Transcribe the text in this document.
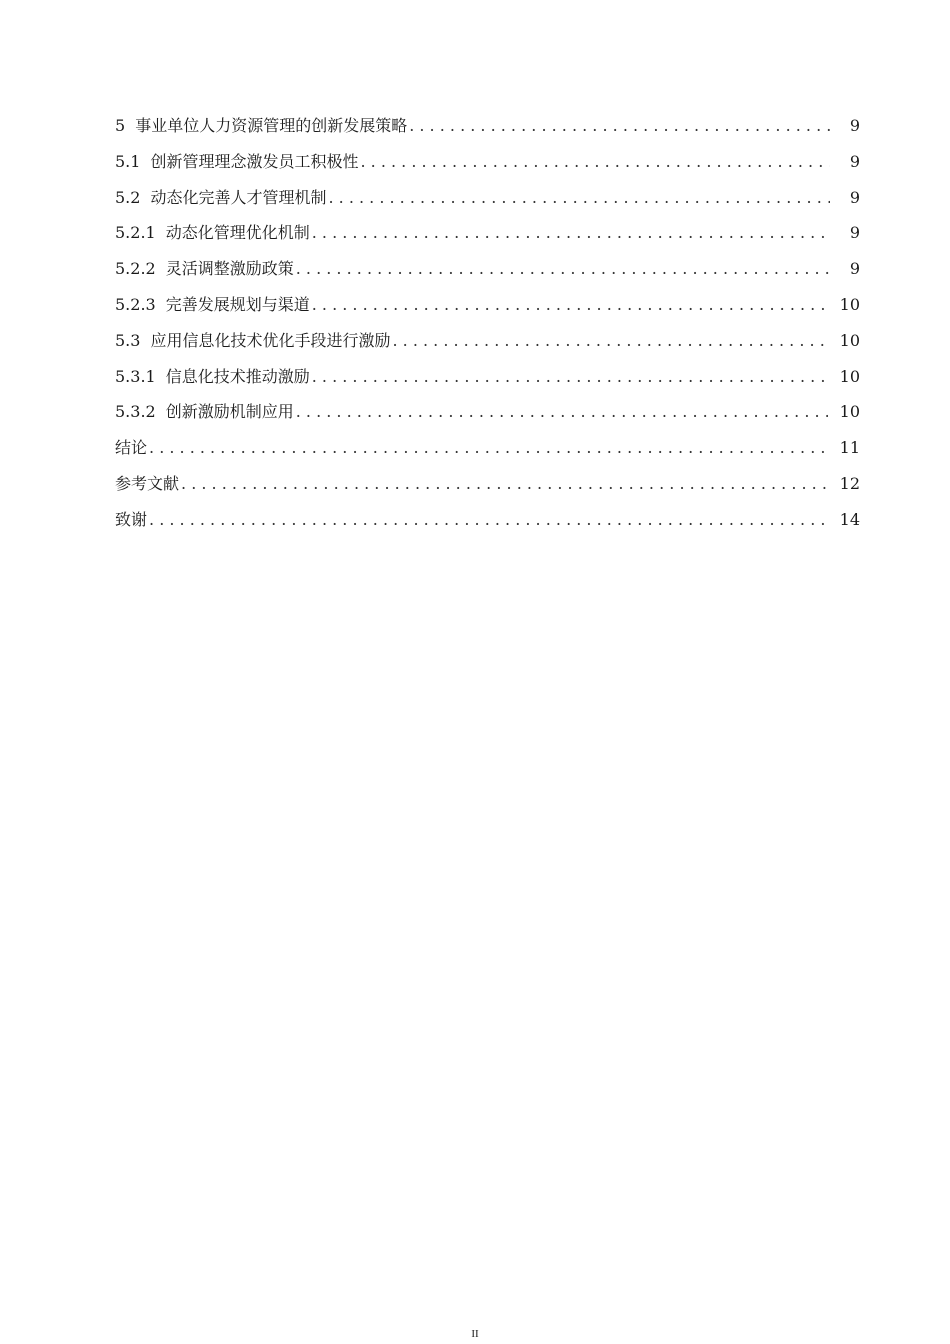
5 事业单位人力资源管理的创新发展策略 . . .	9
5.1 创新管理理念激发员工积极性 . . .	9
5.2 动态化完善人才管理机制 . . .	9
5.2.1 动态化管理优化机制 . . .	9
5.2.2 灵活调整激励政策 . . .	9
5.2.3 完善发展规划与渠道 . . .	10
5.3 应用信息化技术优化手段进行激励 . . .	10
5.3.1 信息化技术推动激励 . . .	10
5.3.2 创新激励机制应用 . . .	10
结论 . . .	11
参考文献 . . .	12
致谢 . . .	14
II
